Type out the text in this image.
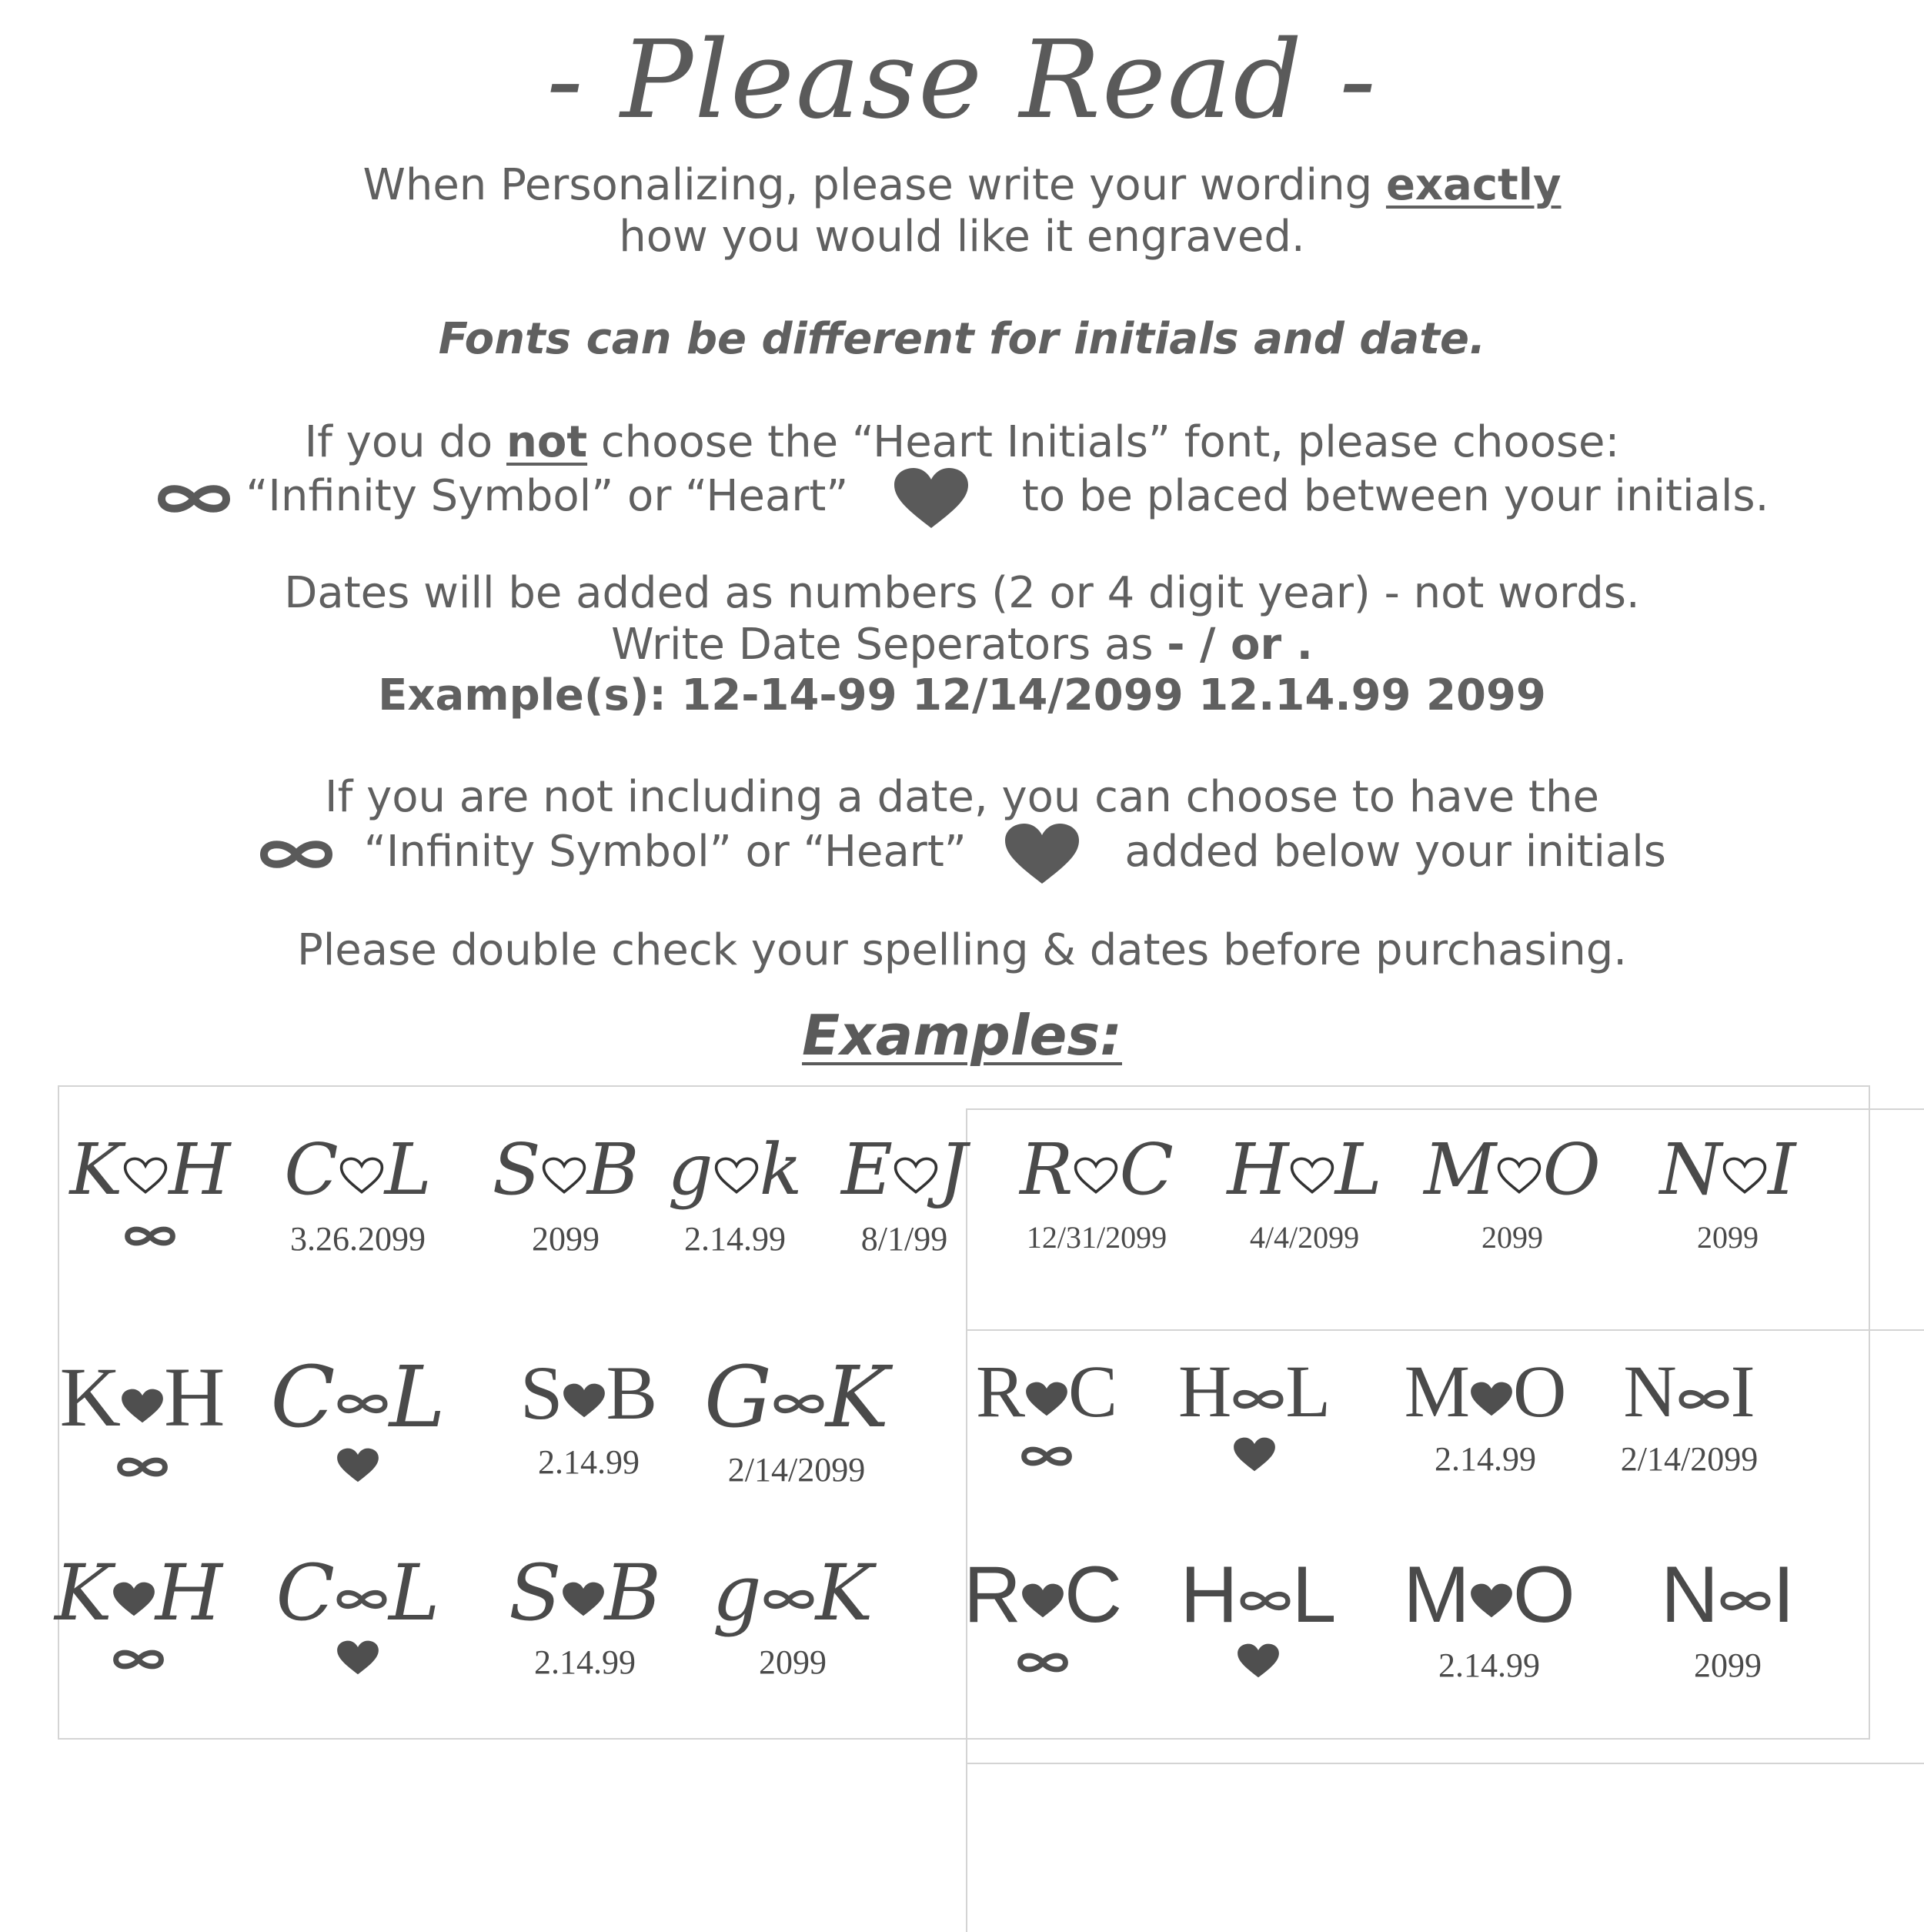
- Please Read -
When Personalizing, please write your wording exactly
how you would like it engraved.
Fonts can be different for initials and date.
If you do not choose the “Heart Initials” font, please choose:
“Infinity Symbol” or “Heart”	to be placed between your initials.
Dates will be added as numbers (2 or 4 digit year) - not words.
Write Date Seperators as - / or .
Example(s): 12-14-99 12/14/2099 12.14.99 2099
If you are not including a date, you can choose to have the
“Infinity Symbol” or “Heart”	added below your initials
Please double check your spelling & dates before purchasing.
Examples:
K H C L
3.26.2099
S B
2099
g k
2.14.99
E J
8/1/99
R C
12/31/2099
H L
4/4/2099
M O
2099
N I
2099
K H C L S B
2.14.99
G K
2/14/2099
R C H L M O
2.14.99
N I
2/14/2099
K H C L S B
2.14.99
g K
2099
R C H L M O
2.14.99
N I
2099
